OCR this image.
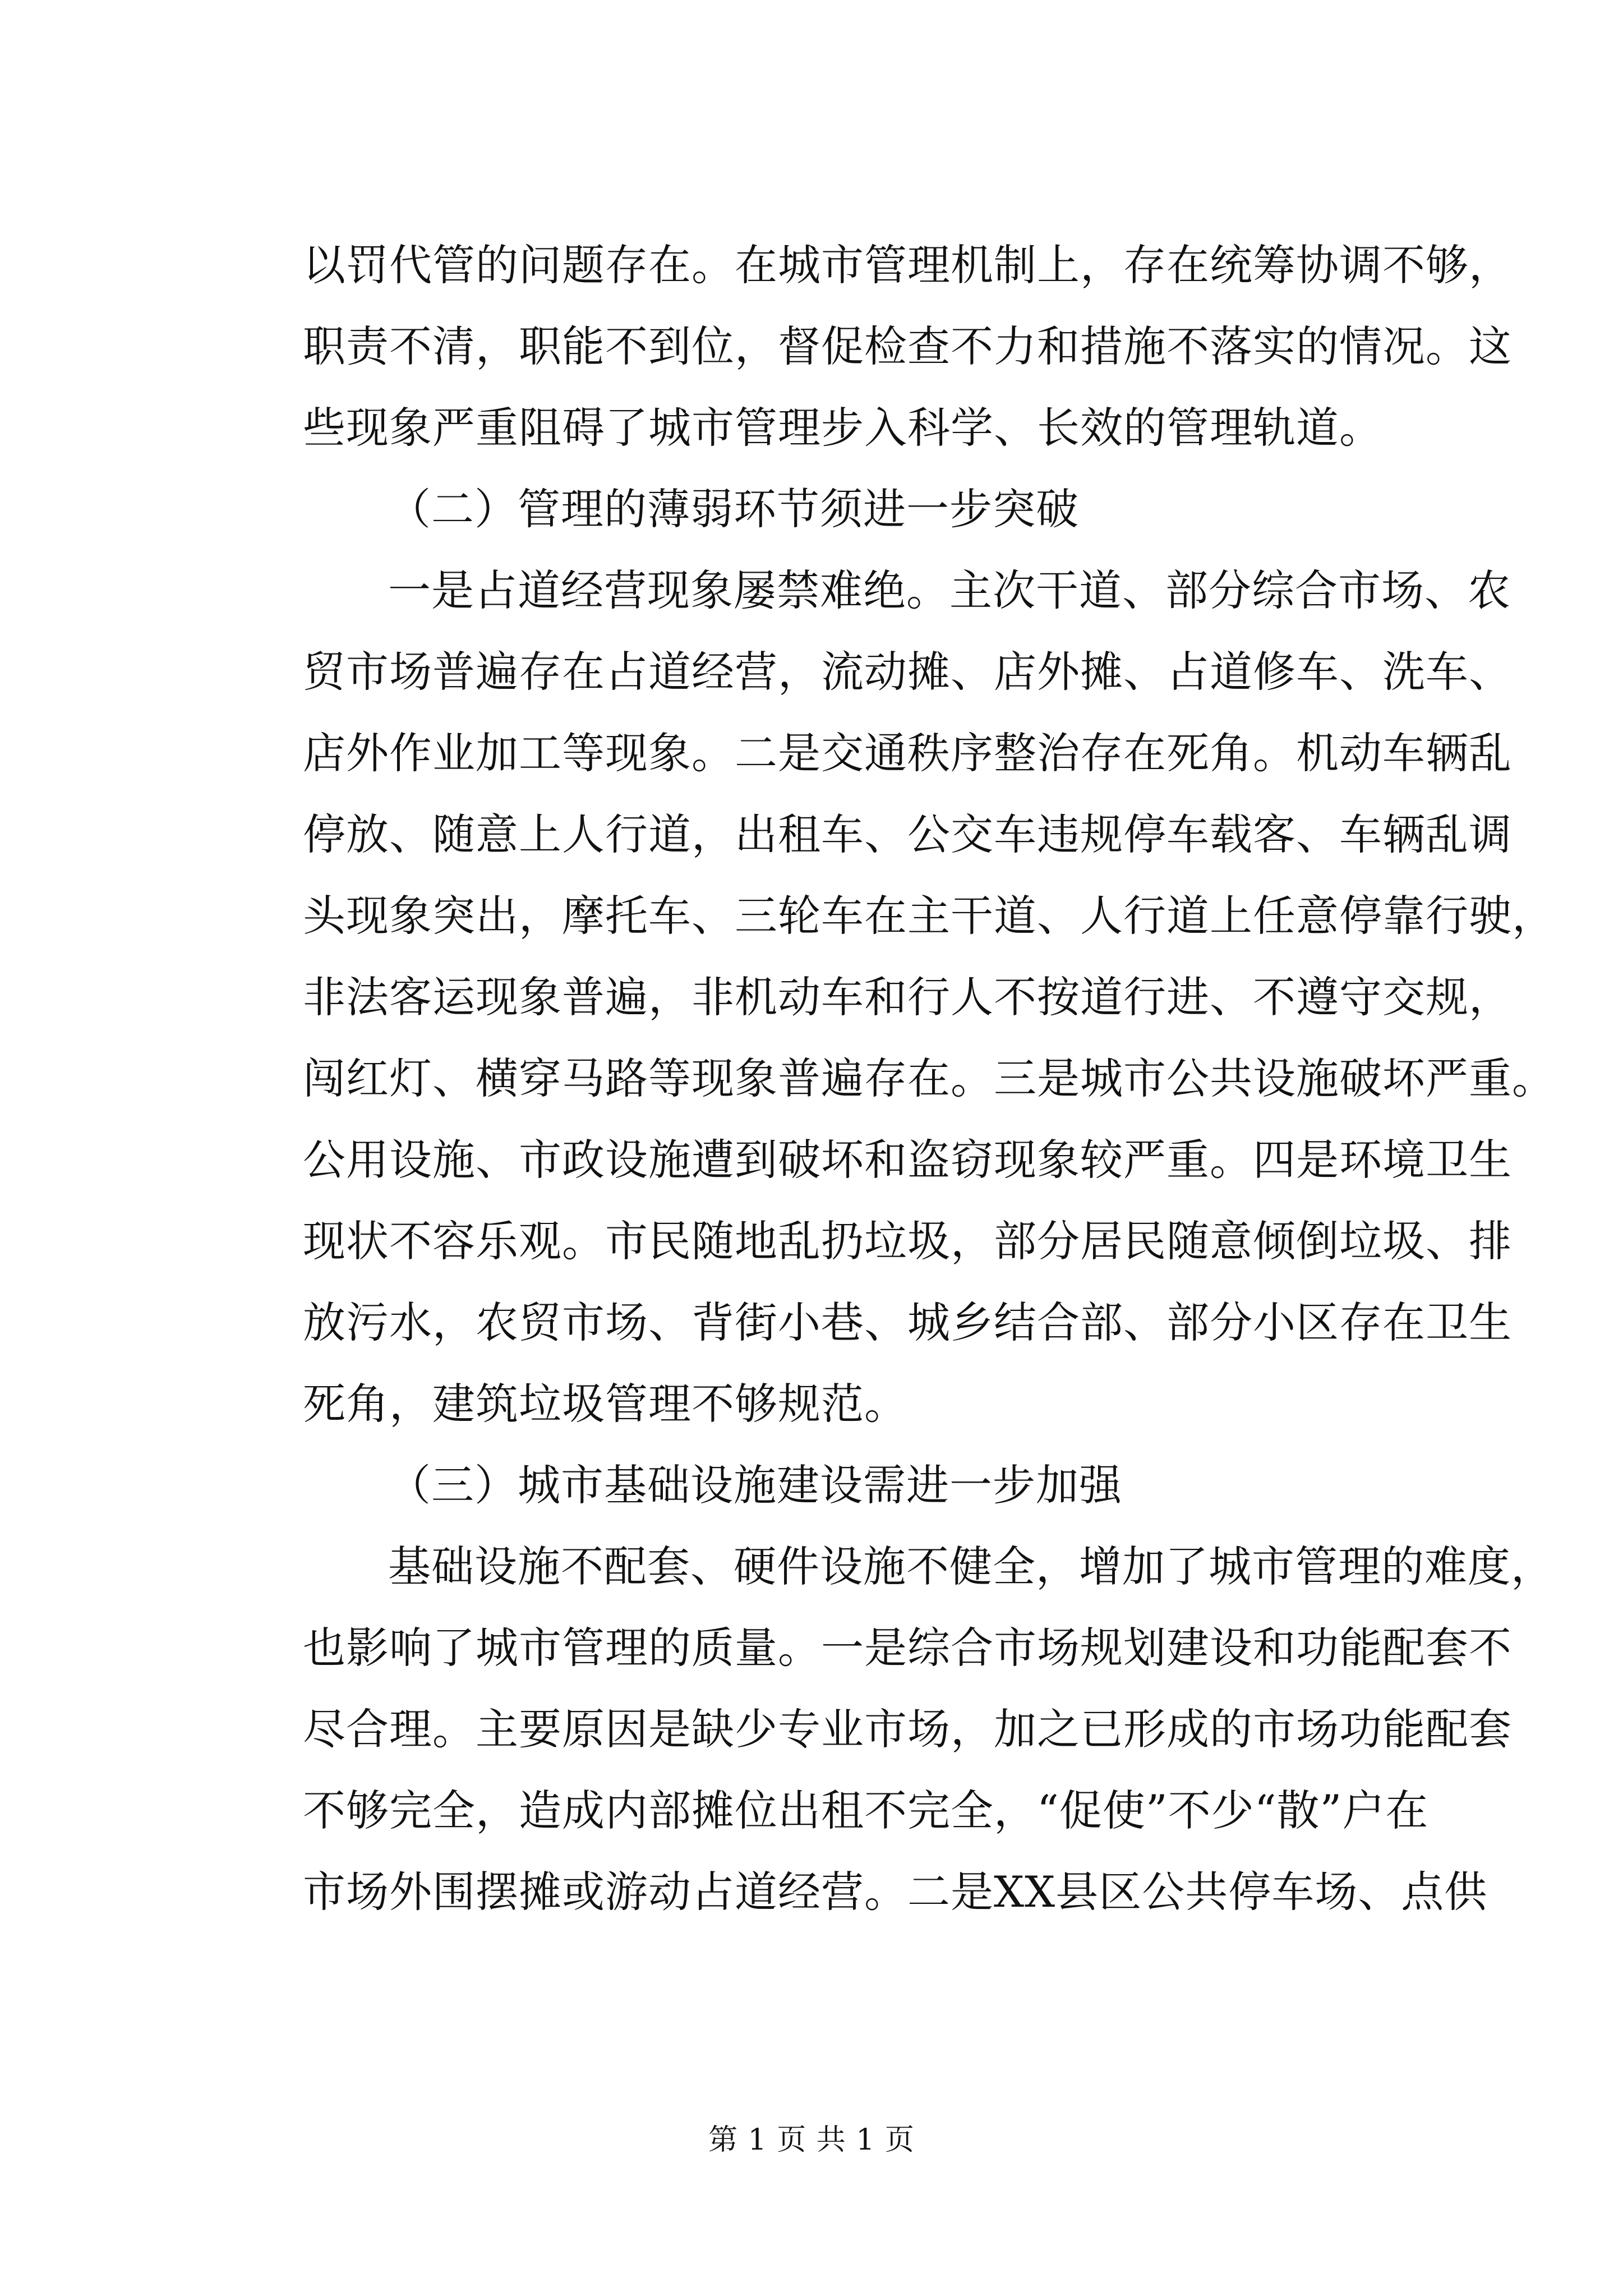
以罚代管的问题存在。在城市管理机制上，存在统筹协调不够，
职责不清，职能不到位，督促检查不力和措施不落实的情况。这
些现象严重阻碍了城市管理步入科学、长效的管理轨道。
（二）管理的薄弱环节须进一步突破
一是占道经营现象屡禁难绝。主次干道、部分综合市场、农
贸市场普遍存在占道经营，流动摊、店外摊、占道修车、洗车、
店外作业加工等现象。二是交通秩序整治存在死角。机动车辆乱
停放、随意上人行道，出租车、公交车违规停车载客、车辆乱调
头现象突出，摩托车、三轮车在主干道、人行道上任意停靠行驶，
非法客运现象普遍，非机动车和行人不按道行进、不遵守交规，
闯红灯、横穿马路等现象普遍存在。三是城市公共设施破坏严重。
公用设施、市政设施遭到破坏和盗窃现象较严重。四是环境卫生
现状不容乐观。市民随地乱扔垃圾，部分居民随意倾倒垃圾、排
放污水，农贸市场、背街小巷、城乡结合部、部分小区存在卫生
死角，建筑垃圾管理不够规范。
（三）城市基础设施建设需进一步加强
基础设施不配套、硬件设施不健全，增加了城市管理的难度，
也影响了城市管理的质量。一是综合市场规划建设和功能配套不
尽合理。主要原因是缺少专业市场，加之已形成的市场功能配套
不够完全，造成内部摊位出租不完全，“促使”不少“散”户在
市场外围摆摊或游动占道经营。二是XX县区公共停车场、点供
第 1 页 共 1 页
